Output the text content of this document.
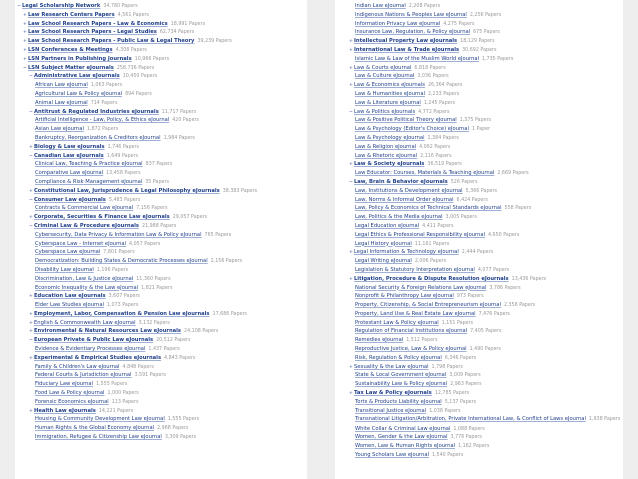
−Legal Scholarship Network 34,780 Papers
+Law Research Centers Papers 4,561 Papers
+Law School Research Papers - Law & Economics 18,991 Papers
+Law School Research Papers - Legal Studies 62,734 Papers
+Law School Research Papers - Public Law & Legal Theory 39,239 Papers
+LSN Conferences & Meetings 4,308 Papers
+LSN Partners in Publishing Journals 10,966 Papers
−LSN Subject Matter eJournals 258,736 Papers
−Administrative Law eJournals 10,450 Papers
African Law eJournal 1,063 Papers
Agricultural Law & Policy eJournal 894 Papers
Animal Law eJournal 714 Papers
−Antitrust & Regulated Industries eJournals 11,717 Papers
Artificial Intelligence - Law, Policy, & Ethics eJournal 420 Papers
Asian Law eJournal 1,872 Papers
Bankruptcy, Reorganization & Creditors eJournal 1,984 Papers
+Biology & Law eJournals 1,746 Papers
−Canadian Law eJournals 1,649 Papers
Clinical Law, Teaching & Practice eJournal 837 Papers
Comparative Law eJournal 13,458 Papers
Compliance & Risk Management eJournal 35 Papers
+Constitutional Law, Jurisprudence & Legal Philosophy eJournals 38,383 Papers
−Consumer Law eJournals 5,483 Papers
Contracts & Commercial Law eJournal 7,156 Papers
+Corporate, Securities & Finance Law eJournals 29,057 Papers
−Criminal Law & Procedure eJournals 21,988 Papers
Cybersecurity, Data Privacy & Information Law & Policy eJournal 765 Papers
Cyberspace Law - Internet eJournal 4,057 Papers
Cyberspace Law eJournal 7,801 Papers
Democratization: Building States & Democratic Processes eJournal 2,156 Papers
Disability Law eJournal 1,196 Papers
Discrimination, Law & Justice eJournal 11,360 Papers
Economic Inequality & the Law eJournal 1,821 Papers
+Education Law eJournals 3,607 Papers
Elder Law Studies eJournal 1,073 Papers
+Employment, Labor, Compensation & Pension Law eJournals 17,686 Papers
+English & Commonwealth Law eJournal 3,132 Papers
+Environmental & Natural Resources Law eJournals 24,108 Papers
−European Private & Public Law eJournals 20,512 Papers
Evidence & Evidentiary Processes eJournal 1,437 Papers
+Experimental & Empirical Studies eJournals 4,843 Papers
Family & Children's Law eJournal 4,848 Papers
Federal Courts & Jurisdiction eJournal 3,591 Papers
Fiduciary Law eJournal 1,555 Papers
Food Law & Policy eJournal 1,000 Papers
Forensic Economics eJournal 113 Papers
+Health Law eJournals 14,221 Papers
Housing & Community Development Law eJournal 1,555 Papers
Human Rights & the Global Economy eJournal 2,968 Papers
Immigration, Refugee & Citizenship Law eJournal 3,309 Papers
Indian Law eJournal 2,208 Papers
Indigenous Nations & Peoples Law eJournal 2,256 Papers
Information Privacy Law eJournal 4,275 Papers
Insurance Law, Regulation, & Policy eJournal 675 Papers
+Intellectual Property Law eJournals 18,129 Papers
+International Law & Trade eJournals 30,692 Papers
Islamic Law & Law of the Muslim World eJournal 1,735 Papers
+Law & Courts eJournal 6,818 Papers
Law & Culture eJournal 3,036 Papers
+Law & Economics eJournals 26,364 Papers
Law & Humanities eJournal 2,233 Papers
Law & Literature eJournal 1,245 Papers
−Law & Politics eJournals 4,772 Papers
Law & Positive Political Theory eJournal 1,375 Papers
Law & Psychology (Editor's Choice) eJournal 1 Paper
Law & Psychology eJournal 1,384 Papers
Law & Religion eJournal 4,062 Papers
Law & Rhetoric eJournal 2,116 Papers
+Law & Society eJournals 36,519 Papers
Law Educator: Courses, Materials & Teaching eJournal 2,669 Papers
−Law, Brain & Behavior eJournals 526 Papers
Law, Institutions & Development eJournal 5,366 Papers
Law, Norms & Informal Order eJournal 6,424 Papers
Law, Policy & Economics of Technical Standards eJournal 558 Papers
Law, Politics & the Media eJournal 3,005 Papers
Legal Education eJournal 4,411 Papers
Legal Ethics & Professional Responsibility eJournal 4,650 Papers
Legal History eJournal 11,161 Papers
+Legal Information & Technology eJournal 2,444 Papers
Legal Writing eJournal 2,006 Papers
Legislation & Statutory Interpretation eJournal 4,077 Papers
+Litigation, Procedure & Dispute Resolution eJournals 13,436 Papers
National Security & Foreign Relations Law eJournal 3,786 Papers
Nonprofit & Philanthropy Law eJournal 973 Papers
Property, Citizenship, & Social Entrepreneurism eJournal 2,358 Papers
Property, Land Use & Real Estate Law eJournal 7,476 Papers
Protestant Law & Policy eJournal 1,151 Papers
Regulation of Financial Institutions eJournal 7,405 Papers
Remedies eJournal 1,512 Papers
Reproductive Justice, Law & Policy eJournal 1,490 Papers
Risk, Regulation & Policy eJournal 6,346 Papers
+Sexuality & the Law eJournal 1,798 Papers
State & Local Government eJournal 3,009 Papers
Sustainability Law & Policy eJournal 2,963 Papers
+Tax Law & Policy eJournals 12,785 Papers
Torts & Products Liability eJournal 5,137 Papers
Transitional Justice eJournal 1,038 Papers
Transnational Litigation/Arbitration, Private International Law, & Conflict of Laws eJournal 1,938 Papers
White Collar & Criminal Law eJournal 1,088 Papers
Women, Gender & the Law eJournal 3,776 Papers
Women, Law & Human Rights eJournal 1,162 Papers
Young Scholars Law eJournal 1,540 Papers
